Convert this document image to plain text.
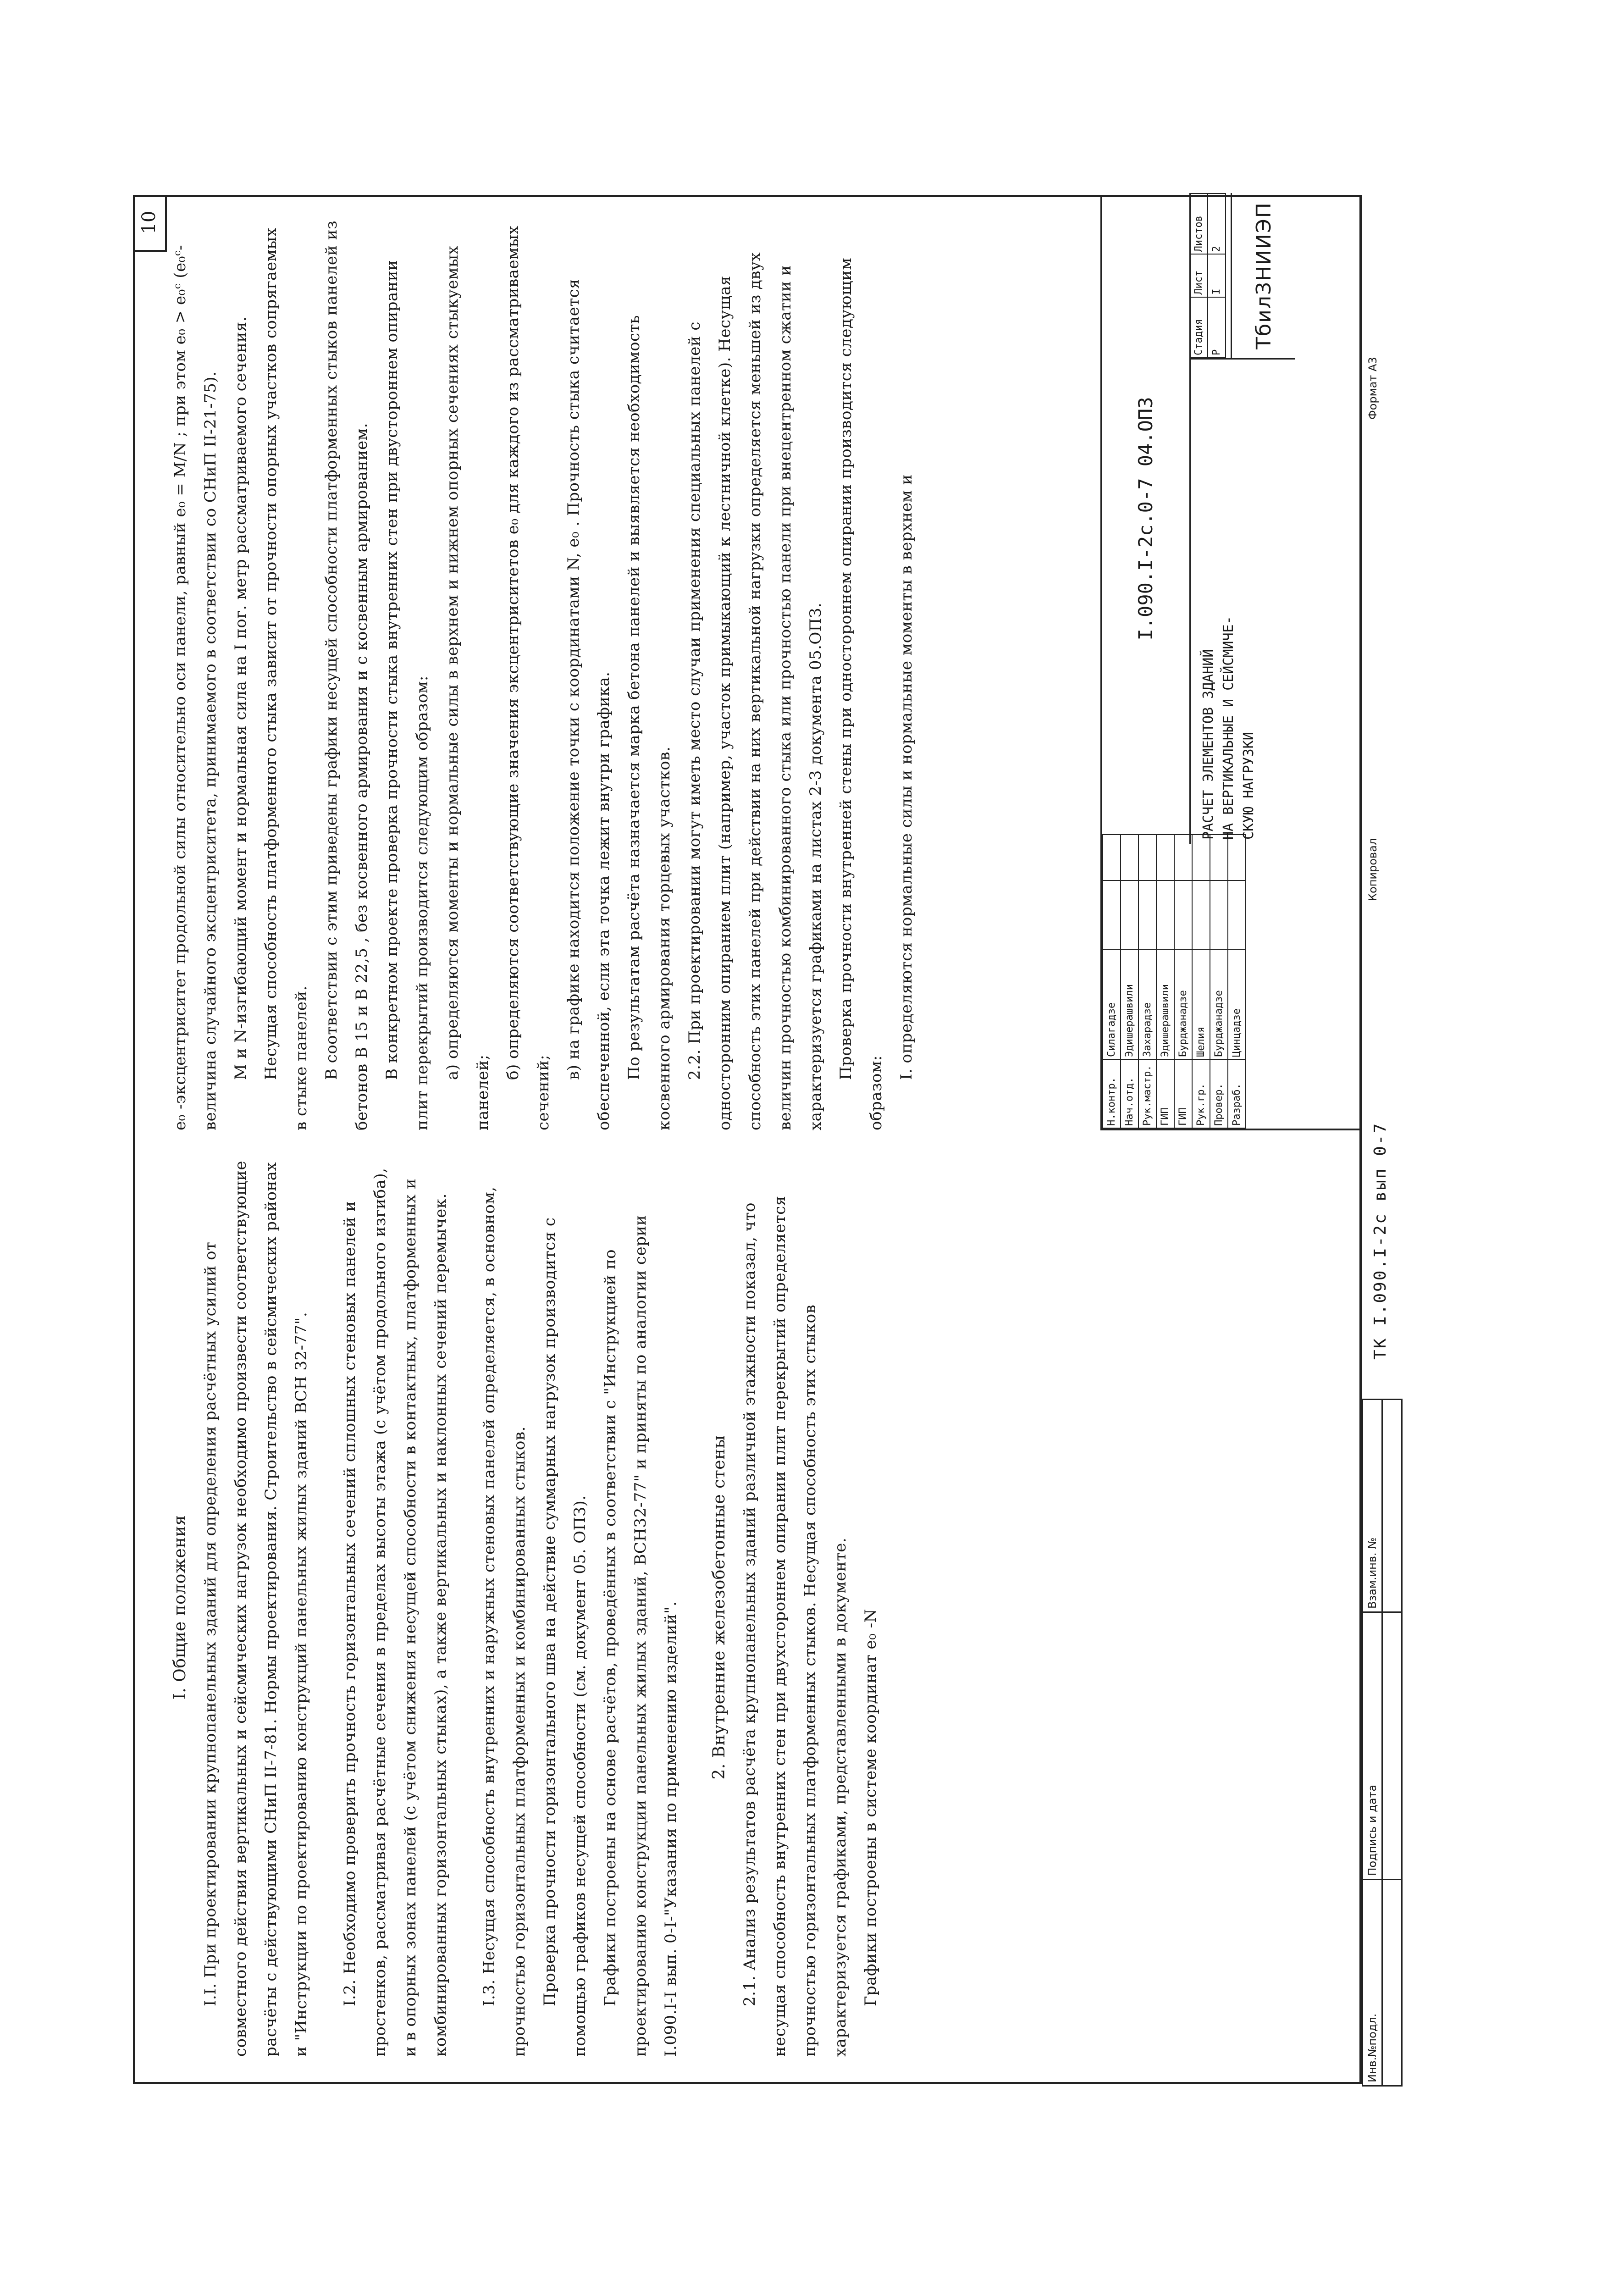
10

I. Общие положения I.I. При проектировании крупнопанельных зданий для определения расчётных усилий от совместного действия вертикальных и сейсмических нагрузок необходимо произвести соответствующие расчёты с действующими СНиП II-7-81. Нормы проектирования. Строительство в сейсмических районах и "Инструкции по проектированию конструкций панельных жилых зданий ВСН 32-77".	I.2. Необходимо проверить прочность горизонтальных сечений сплошных стеновых панелей и простенков, рассматривая расчётные сечения в пределах высоты этажа (с учётом продольного изгиба), и в опорных зонах панелей (с учётом снижения несущей способности в контактных, платформенных и комбинированных горизонтальных стыках), а также вертикальных и наклонных сечений перемычек.	I.3. Несущая способность внутренних и наружных стеновых панелей определяется, в основном, прочностью горизонтальных платформенных и комбинированных стыков. Проверка прочности горизонтального шва на действие суммарных нагрузок производится с помощью графиков несущей способности (см. документ 05. ОПЗ). Графики построены на основе расчётов, проведённых в соответствии с "Инструкцией по проектированию конструкции панельных жилых зданий, ВСН32-77" и приняты по аналогии серии I.090.I-I вып. 0-I-"Указания по применению изделий".	2. Внутренние железобетонные стены 2.1. Анализ результатов расчёта крупнопанельных зданий различной этажности показал, что несущая способность внутренних стен при двухстороннем опирании плит перекрытий определяется прочностью горизонтальных платформенных стыков. Несущая способность этих стыков характеризуется графиками, представленными в документе. Графики построены в системе координат e₀ -N

e₀ -эксцентриситет продольной силы относительно оси панели, равный e₀ = M/N ; при этом e₀ > e₀ᶜ (e₀ᶜ-величина случайного эксцентриситета, принимаемого в соответствии со СНиП II-21-75). M и N-изгибающий момент и нормальная сила на I пог. метр рассматриваемого сечения. Несущая способность платформенного стыка зависит от прочности опорных участков сопрягаемых в стыке панелей. В соответствии с этим приведены графики несущей способности платформенных стыков панелей из бетонов В 15 и В 22,5 , без косвенного армирования и с косвенным армированием. В конкретном проекте проверка прочности стыка внутренних стен при двустороннем опирании плит перекрытий производится следующим образом: а) определяются моменты и нормальные силы в верхнем и нижнем опорных сечениях стыкуемых панелей;

б) определяются соответствующие значения эксцентриситетов e₀ для каждого из рассматриваемых сечений;

в) на графике находится положение точки с координатами N, e₀ . Прочность стыка считается обеспеченной, если эта точка лежит внутри графика. По результатам расчёта назначается марка бетона панелей и выявляется необходимость косвенного армирования торцевых участков. 2.2. При проектировании могут иметь место случаи применения специальных панелей с односторонним опиранием плит (например, участок примыкающий к лестничной клетке). Несущая способность этих панелей при действии на них вертикальной нагрузки определяется меньшей из двух величин прочностью комбинированного стыка или прочностью панели при внецентренном сжатии и характеризуется графиками на листах 2-3 документа 05.ОПЗ. Проверка прочности внутренней стены при одностороннем опирании производится следующим образом:

I. определяются нормальные силы и нормальные моменты в верхнем и

Н.контр.	Силагадзе		
Нач.отд.	Эдишерашвили		
Рук.мастр.	Захарадзе		
ГИП	Эдишерашвили		
ГИП	Бурджанадзе		
Рук.гр.	Шелия		
Провер.	Бурджанадзе		
Разраб.	Цинцадзе		
I.090.I-2с.0-7 04.ОПЗ
РАСЧЕТ ЭЛЕМЕНТОВ ЗДАНИЙ НА ВЕРТИКАЛЬНЫЕ И СЕЙСМИЧЕ- СКУЮ НАГРУЗКИ
Стадия	Лист	Листов
Р	I	2	ТбилЗНИИЭП
Копировал
Формат А3
Инв.№подл.	Подпись и дата	Взам.инв. №

ТК I.090.I-2с вып 0-7
